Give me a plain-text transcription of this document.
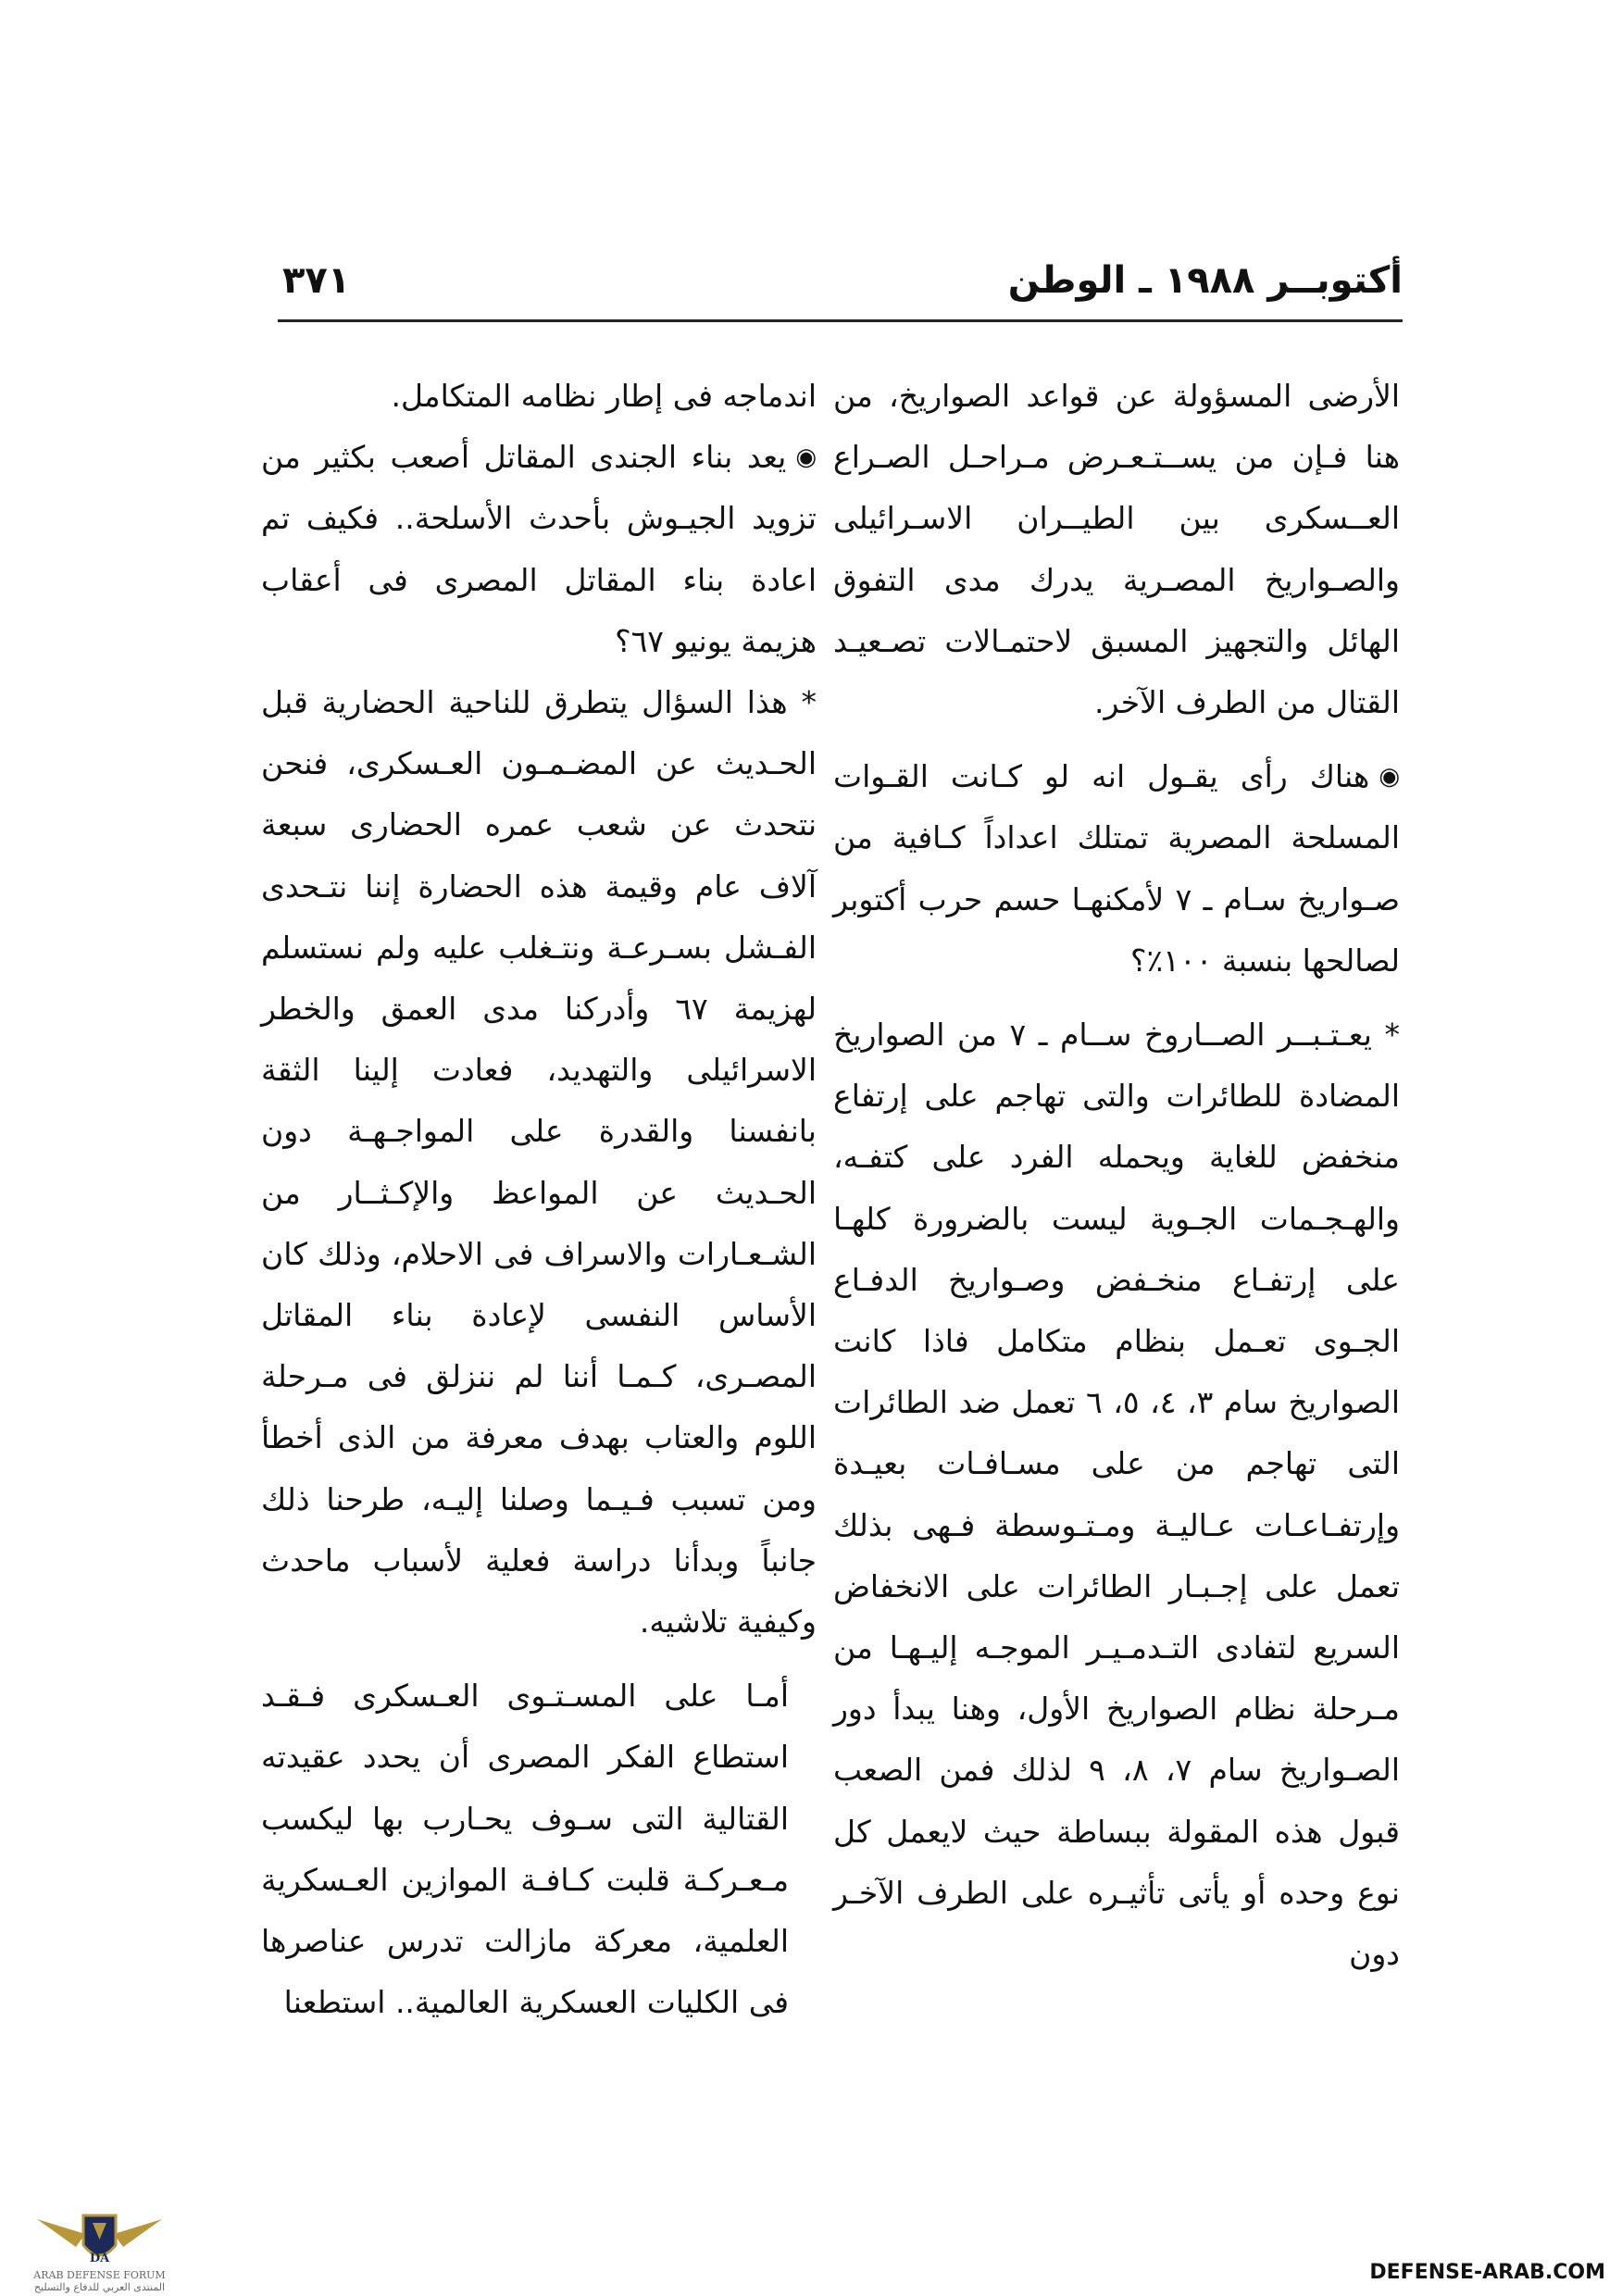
أكتوبــر ١٩٨٨ ـ الوطن
٣٧١

الأرضى المسؤولة عن قواعد الصواريخ، من هنا فـإن من يســتـعـرض مـراحـل الصـراع العــسكرى بين الطيــران الاسـرائيلى والصـواريخ المصـرية يدرك مدى التفوق الهائل والتجهيز المسبق لاحتمـالات تصـعيـد القتال من الطرف الآخر.

◉هناك رأى يقـول انه لو كـانت القـوات المسلحة المصرية تمتلك اعداداً كـافية من صـواريخ سـام ـ ٧ لأمكنهـا حسم حرب أكتوبر لصالحها بنسبة ١٠٠٪؟

* يعـتـبــر الصــاروخ ســام ـ ٧ من الصواريخ المضادة للطائرات والتى تهاجم على إرتفاع منخفض للغاية ويحمله الفرد على كتفـه، والهـجـمات الجـوية ليست بالضرورة كلهـا على إرتفـاع منخـفض وصـواريخ الدفـاع الجـوى تعـمل بنظام متكامل فاذا كانت الصواريخ سام ٣، ٤، ٥، ٦ تعمل ضد الطائرات التى تهاجم من على مسـافـات بعيـدة وإرتفـاعـات عـاليـة ومـتـوسطة فـهى بذلك تعمل على إجـبـار الطائرات على الانخفاض السريع لتفادى التـدمـيـر الموجـه إليـهـا من مـرحلة نظام الصواريخ الأول، وهنا يبدأ دور الصـواريخ سام ٧، ٨، ٩ لذلك فمن الصعب قبول هذه المقولة ببساطة حيث لايعمل كل نوع وحده أو يأتى تأثيـره على الطرف الآخـر دون

اندماجه فى إطار نظامه المتكامل.

◉يعد بناء الجندى المقاتل أصعب بكثير من تزويد الجيـوش بأحدث الأسلحة.. فكيف تم اعادة بناء المقاتل المصرى فى أعقاب هزيمة يونيو ٦٧؟

* هذا السؤال يتطرق للناحية الحضارية قبل الحـديث عن المضـمـون العـسكرى، فنحن نتحدث عن شعب عمره الحضارى سبعة آلاف عام وقيمة هذه الحضارة إننا نتـحدى الفـشل بسـرعـة ونتـغلب عليه ولم نستسلم لهزيمة ٦٧ وأدركنا مدى العمق والخطر الاسرائيلى والتهديد، فعادت إلينا الثقة بانفسنا والقدرة على المواجـهـة دون الحـديث عن المواعظ والإكـثــار من الشـعـارات والاسراف فى الاحلام، وذلك كان الأساس النفسى لإعادة بناء المقاتل المصـرى، كـمـا أننا لم ننزلق فى مـرحلة اللوم والعتاب بهدف معرفة من الذى أخطأ ومن تسبب فـيـما وصلنا إليـه، طرحنا ذلك جانباً وبدأنا دراسة فعلية لأسباب ماحدث وكيفية تلاشيه.

أمـا على المسـتـوى العـسكرى فـقـد استطاع الفكر المصرى أن يحدد عقيدته القتالية التى سـوف يحـارب بها ليكسب مـعـركـة قلبت كـافـة الموازين العـسكرية العلمية، معركة مازالت تدرس عناصرها فى الكليات العسكرية العالمية.. استطعنا

DA
ARAB DEFENSE FORUM
المنتدى العربي للدفاع والتسليح
DEFENSE-ARAB.COM
